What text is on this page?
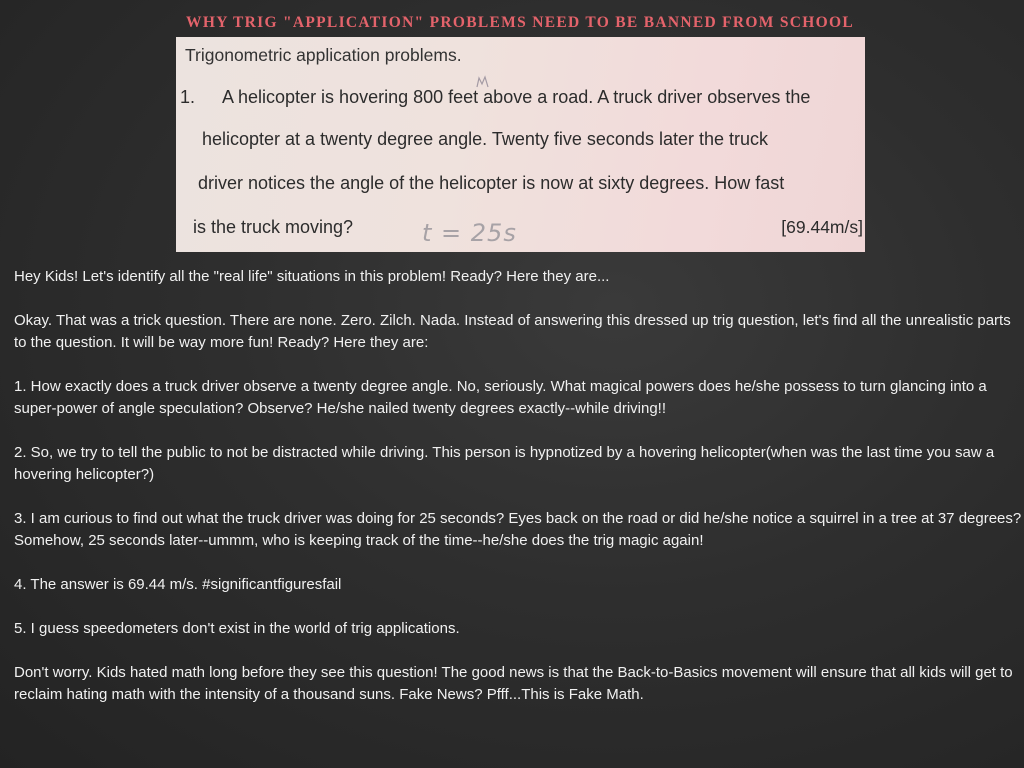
WHY TRIG "APPLICATION" PROBLEMS NEED TO BE BANNED FROM SCHOOL
Trigonometric application problems.
1. A helicopter is hovering 800 feet above a road. A truck driver observes the
helicopter at a twenty degree angle. Twenty five seconds later the truck
driver notices the angle of the helicopter is now at sixty degrees. How fast
is the truck moving?	t = 25s	[69.44m/s]

Hey Kids! Let's identify all the "real life" situations in this problem! Ready? Here they are...

Okay. That was a trick question. There are none. Zero. Zilch. Nada. Instead of answering this dressed up trig question, let's find all the unrealistic parts to the question. It will be way more fun! Ready? Here they are:

1. How exactly does a truck driver observe a twenty degree angle. No, seriously. What magical powers does he/she possess to turn glancing into a super-power of angle speculation? Observe? He/she nailed twenty degrees exactly--while driving!!

2. So, we try to tell the public to not be distracted while driving. This person is hypnotized by a hovering helicopter(when was the last time you saw a hovering helicopter?)

3. I am curious to find out what the truck driver was doing for 25 seconds? Eyes back on the road or did he/she notice a squirrel in a tree at 37 degrees? Somehow, 25 seconds later--ummm, who is keeping track of the time--he/she does the trig magic again!

4. The answer is 69.44 m/s. #significantfiguresfail

5. I guess speedometers don't exist in the world of trig applications.

Don't worry. Kids hated math long before they see this question! The good news is that the Back-to-Basics movement will ensure that all kids will get to reclaim hating math with the intensity of a thousand suns. Fake News? Pfff...This is Fake Math.
